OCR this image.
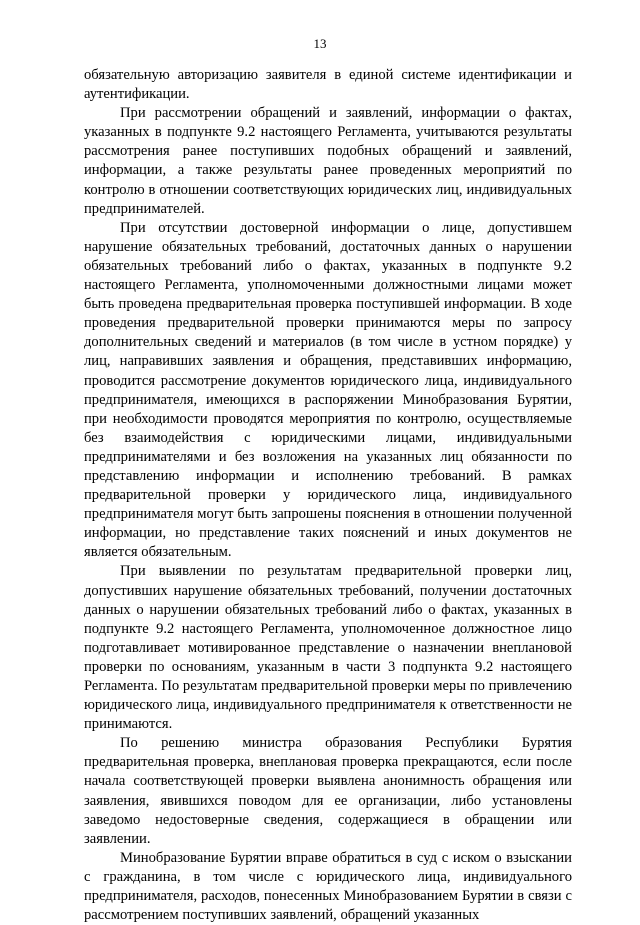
13

обязательную авторизацию заявителя в единой системе идентификации и аутентификации.

При рассмотрении обращений и заявлений, информации о фактах, указанных в подпункте 9.2 настоящего Регламента, учитываются результаты рассмотрения ранее поступивших подобных обращений и заявлений, информации, а также результаты ранее проведенных мероприятий по контролю в отношении соответствующих юридических лиц, индивидуальных предпринимателей.

При отсутствии достоверной информации о лице, допустившем нарушение обязательных требований, достаточных данных о нарушении обязательных требований либо о фактах, указанных в подпункте 9.2 настоящего Регламента, уполномоченными должностными лицами может быть проведена предварительная проверка поступившей информации. В ходе проведения предварительной проверки принимаются меры по запросу дополнительных сведений и материалов (в том числе в устном порядке) у лиц, направивших заявления и обращения, представивших информацию, проводится рассмотрение документов юридического лица, индивидуального предпринимателя, имеющихся в распоряжении Минобразования Бурятии, при необходимости проводятся мероприятия по контролю, осуществляемые без взаимодействия с юридическими лицами, индивидуальными предпринимателями и без возложения на указанных лиц обязанности по представлению информации и исполнению требований. В рамках предварительной проверки у юридического лица, индивидуального предпринимателя могут быть запрошены пояснения в отношении полученной информации, но представление таких пояснений и иных документов не является обязательным.

При выявлении по результатам предварительной проверки лиц, допустивших нарушение обязательных требований, получении достаточных данных о нарушении обязательных требований либо о фактах, указанных в подпункте 9.2 настоящего Регламента, уполномоченное должностное лицо подготавливает мотивированное представление о назначении внеплановой проверки по основаниям, указанным в части 3 подпункта 9.2 настоящего Регламента. По результатам предварительной проверки меры по привлечению юридического лица, индивидуального предпринимателя к ответственности не принимаются.

По решению министра образования Республики Бурятия предварительная проверка, внеплановая проверка прекращаются, если после начала соответствующей проверки выявлена анонимность обращения или заявления, явившихся поводом для ее организации, либо установлены заведомо недостоверные сведения, содержащиеся в обращении или заявлении.

Минобразование Бурятии вправе обратиться в суд с иском о взыскании с гражданина, в том числе с юридического лица, индивидуального предпринимателя, расходов, понесенных Минобразованием Бурятии в связи с рассмотрением поступивших заявлений, обращений указанных
